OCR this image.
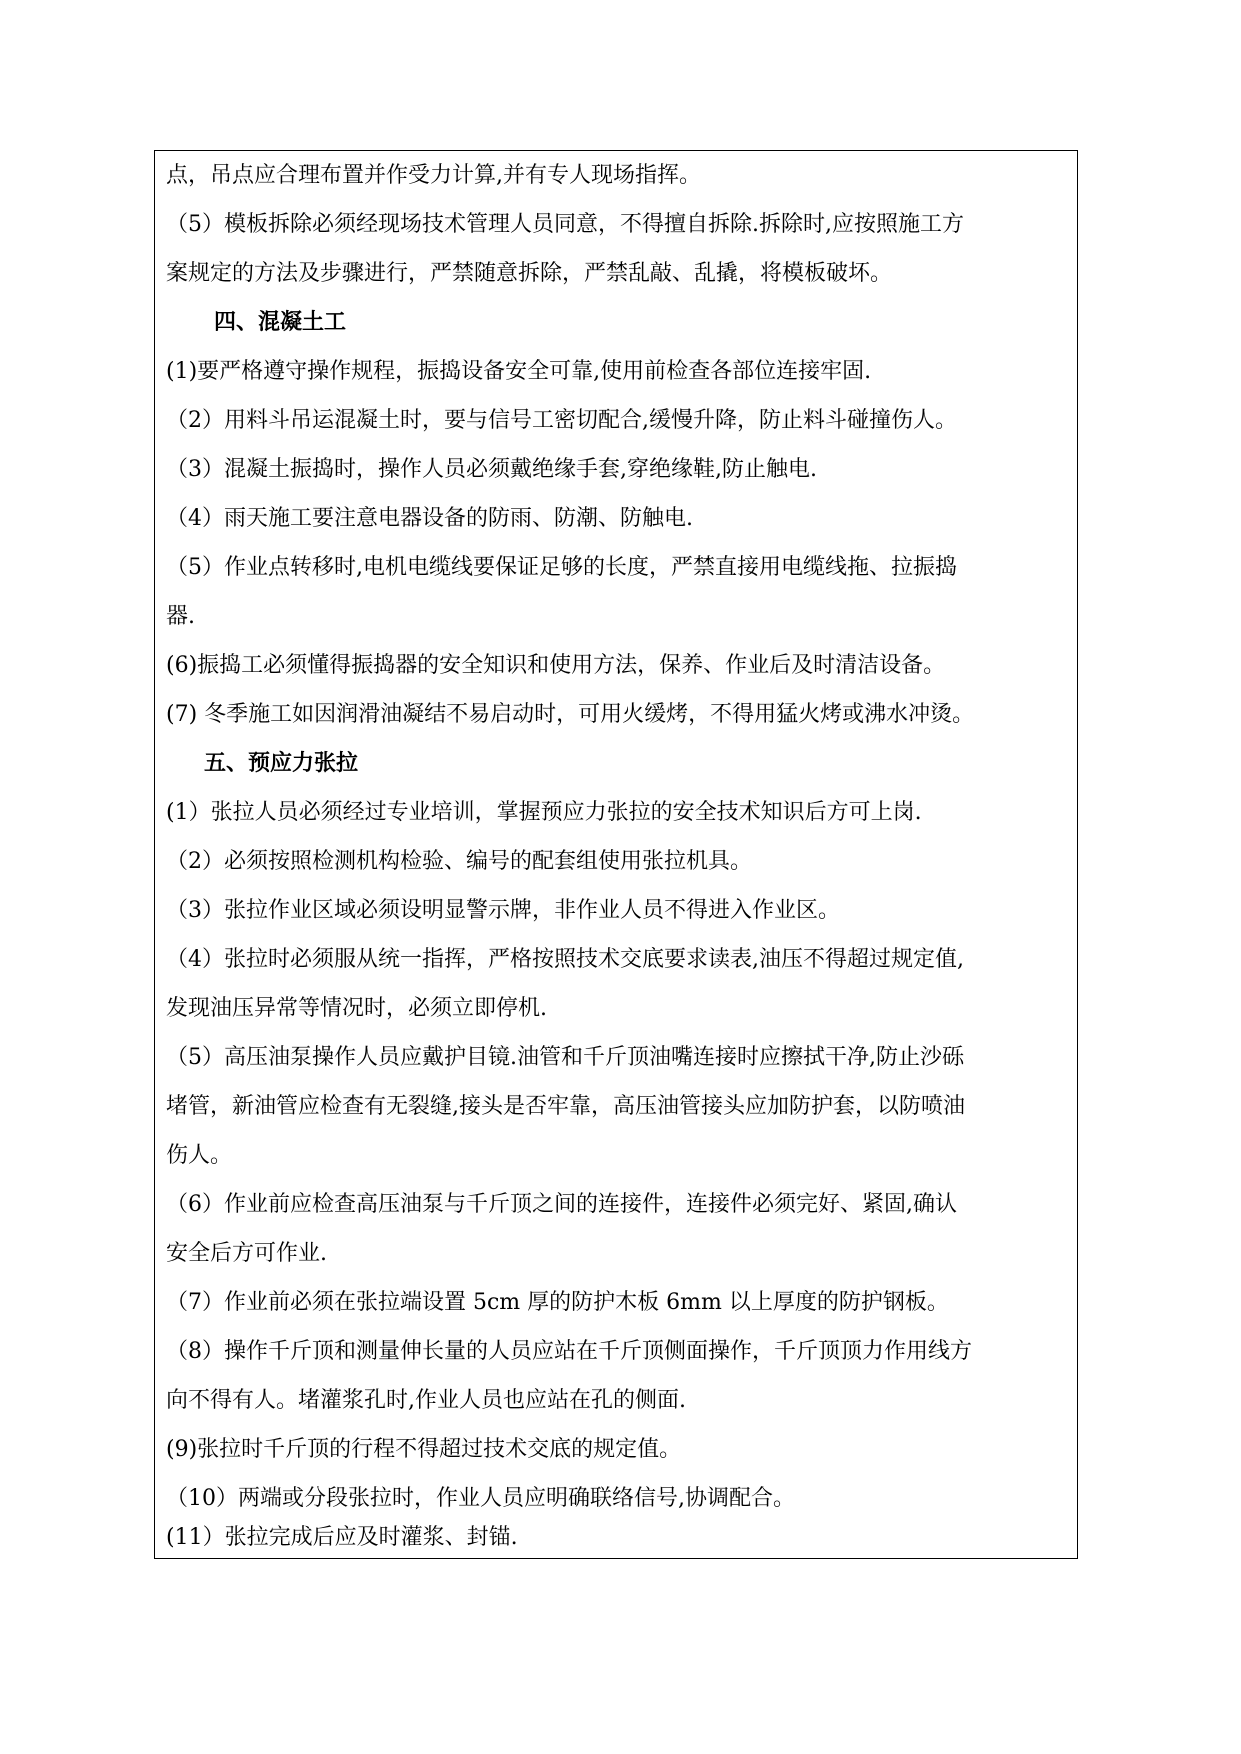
点，吊点应合理布置并作受力计算,并有专人现场指挥。
（5）模板拆除必须经现场技术管理人员同意，不得擅自拆除.拆除时,应按照施工方
案规定的方法及步骤进行，严禁随意拆除，严禁乱敲、乱撬，将模板破坏。
四、混凝土工
(1)要严格遵守操作规程，振捣设备安全可靠,使用前检查各部位连接牢固.
（2）用料斗吊运混凝土时，要与信号工密切配合,缓慢升降，防止料斗碰撞伤人。
（3）混凝土振捣时，操作人员必须戴绝缘手套,穿绝缘鞋,防止触电.
（4）雨天施工要注意电器设备的防雨、防潮、防触电.
（5）作业点转移时,电机电缆线要保证足够的长度，严禁直接用电缆线拖、拉振捣
器.
(6)振捣工必须懂得振捣器的安全知识和使用方法，保养、作业后及时清洁设备。
(7) 冬季施工如因润滑油凝结不易启动时，可用火缓烤，不得用猛火烤或沸水冲烫。
五、预应力张拉
(1）张拉人员必须经过专业培训，掌握预应力张拉的安全技术知识后方可上岗.
（2）必须按照检测机构检验、编号的配套组使用张拉机具。
（3）张拉作业区域必须设明显警示牌，非作业人员不得进入作业区。
（4）张拉时必须服从统一指挥，严格按照技术交底要求读表,油压不得超过规定值,
发现油压异常等情况时，必须立即停机.
（5）高压油泵操作人员应戴护目镜.油管和千斤顶油嘴连接时应擦拭干净,防止沙砾
堵管，新油管应检查有无裂缝,接头是否牢靠，高压油管接头应加防护套，以防喷油
伤人。
（6）作业前应检查高压油泵与千斤顶之间的连接件，连接件必须完好、紧固,确认
安全后方可作业.
（7）作业前必须在张拉端设置 5cm 厚的防护木板 6mm 以上厚度的防护钢板。
（8）操作千斤顶和测量伸长量的人员应站在千斤顶侧面操作，千斤顶顶力作用线方
向不得有人。堵灌浆孔时,作业人员也应站在孔的侧面.
(9)张拉时千斤顶的行程不得超过技术交底的规定值。
（10）两端或分段张拉时，作业人员应明确联络信号,协调配合。
(11）张拉完成后应及时灌浆、封锚.
